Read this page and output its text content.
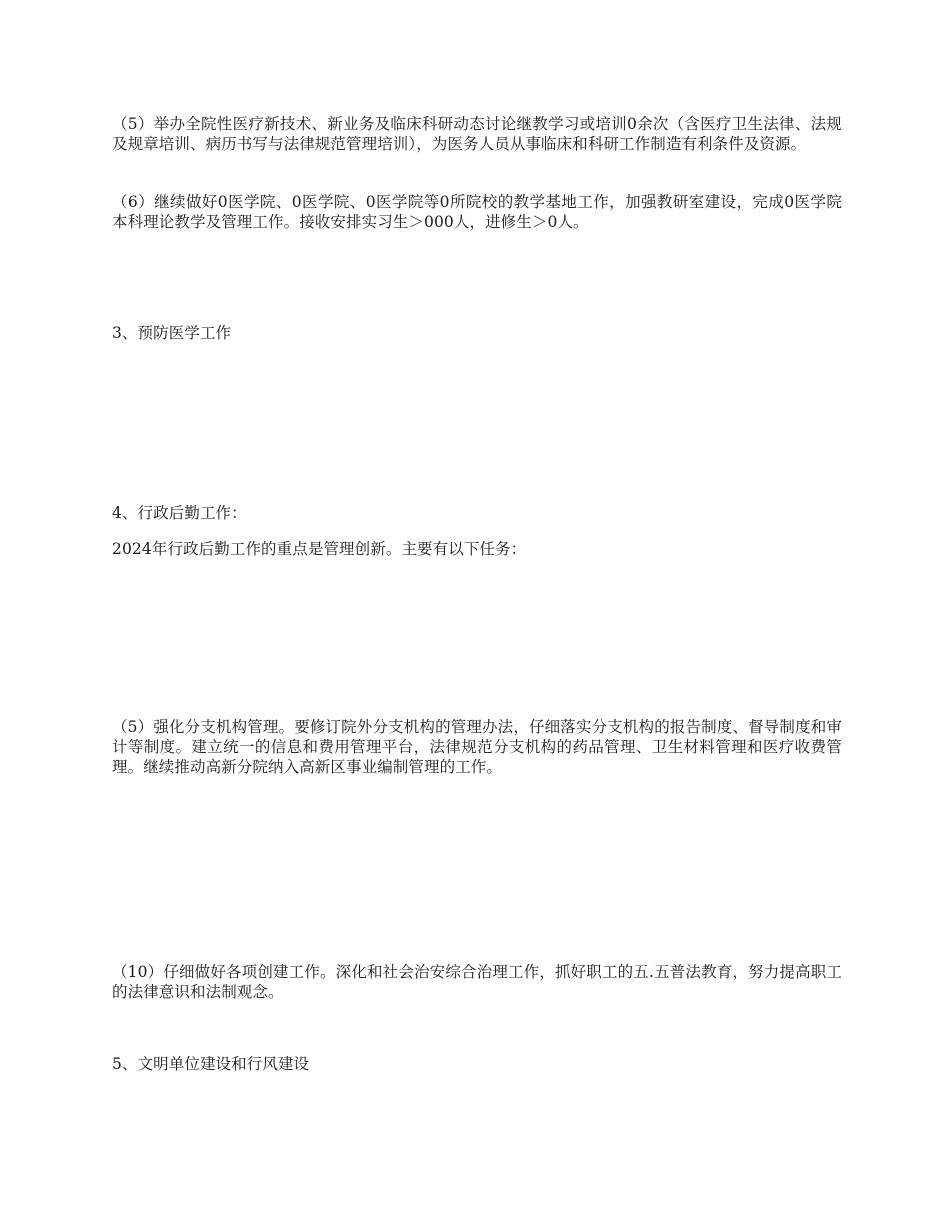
（5）举办全院性医疗新技术、新业务及临床科研动态讨论继教学习或培训0余次（含医疗卫生法律、法规及规章培训、病历书写与法律规范管理培训），为医务人员从事临床和科研工作制造有利条件及资源。

（6）继续做好0医学院、0医学院、0医学院等0所院校的教学基地工作，加强教研室建设，完成0医学院本科理论教学及管理工作。接收安排实习生＞000人，进修生＞0人。

3、预防医学工作

4、行政后勤工作：

2024年行政后勤工作的重点是管理创新。主要有以下任务：

（5）强化分支机构管理。要修订院外分支机构的管理办法，仔细落实分支机构的报告制度、督导制度和审计等制度。建立统一的信息和费用管理平台，法律规范分支机构的药品管理、卫生材料管理和医疗收费管理。继续推动高新分院纳入高新区事业编制管理的工作。

（10）仔细做好各项创建工作。深化和社会治安综合治理工作，抓好职工的五.五普法教育，努力提高职工的法律意识和法制观念。

5、文明单位建设和行风建设
